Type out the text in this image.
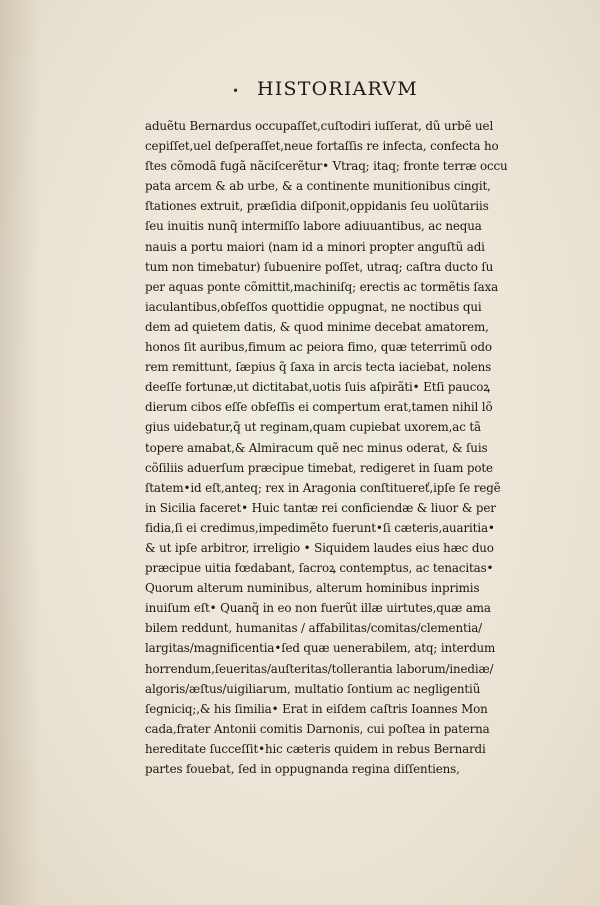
• HISTORIARVM
aduẽtu Bernardus occupaſſet,cuſtodiri iuſſerat, dũ urbẽ uel
cepiſſet,uel deſperaſſet,neue fortaſſis re infecta, confecta ho
ſtes cõmodã fugã nãciſcerẽtur• Vtraq; itaq; fronte terræ occu
pata arcem & ab urbe, & a continente munitionibus cingit,
ſtationes extruit, præſidia diſponit,oppidanis ſeu uolũtariis
ſeu inuitis nunq̃ intermiſſo labore adiuuantibus, ac nequa
nauis a portu maiori (nam id a minori propter anguſtũ adi
tum non timebatur) ſubuenire poſſet, utraq; caſtra ducto ſu
per aquas ponte cõmittit,machiniſq; erectis ac tormẽtis ſaxa
iaculantibus,obſeſſos quottidie oppugnat, ne noctibus qui
dem ad quietem datis, & quod minime decebat amatorem,
honos ſit auribus,fimum ac peiora fimo, quæ teterrimũ odo
rem remittunt, ſæpius q̃ ſaxa in arcis tecta iaciebat, nolens
deeſſe fortunæ,ut dictitabat,uotis ſuis aſpirãti• Etſi paucoꝝ
dierum cibos eſſe obſeſſis ei compertum erat,tamen nihil lõ
gius uidebatur,q̃ ut reginam,quam cupiebat uxorem,ac tã
topere amabat,& Almiracum quẽ nec minus oderat, & ſuis
cõſiliis aduerſum præcipue timebat, redigeret in ſuam pote
ſtatem•id eſt,anteq; rex in Aragonia conſtituereť,ipſe ſe regẽ
in Sicilia faceret• Huic tantæ rei conficiendæ & liuor & per
fidia,ſi ei credimus,impedimẽto fuerunt•ſi cæteris,auaritia•
& ut ipſe arbitror, irreligio • Siquidem laudes eius hæc duo
præcipue uitia fœdabant, ſacroꝝ contemptus, ac tenacitas•
Quorum alterum numinibus, alterum hominibus inprimis
inuiſum eſt• Quanq̃ in eo non fuerũt illæ uirtutes,quæ ama
bilem reddunt, humanitas / affabilitas/comitas/clementia/
largitas/magnificentia•ſed quæ uenerabilem, atq; interdum
horrendum,ſeueritas/auſteritas/tollerantia laborum/inediæ/
algoris/æſtus/uigiliarum, multatio ſontium ac negligentiũ
ſegniciq;,& his ſimilia• Erat in eiſdem caſtris Ioannes Mon
cada,frater Antonii comitis Darnonis, cui poſtea in paterna
hereditate ſucceſſit•hic cæteris quidem in rebus Bernardi
partes fouebat, ſed in oppugnanda regina diſſentiens,
